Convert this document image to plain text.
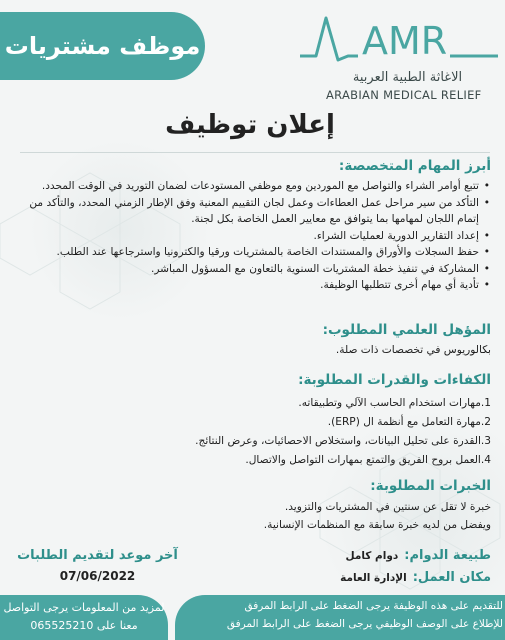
موظف مشتريات	AMR
الاغاثة الطبية العربية
ARABIAN MEDICAL RELIEF
إعلان توظيف
أبرز المهام المتخصصة:
• تتبع أوامر الشراء والتواصل مع الموردين ومع موظفي المستودعات لضمان التوريد في الوقت المحدد.
• التأكد من سير مراحل عمل العطاءات وعمل لجان التقييم المعنية وفق الإطار الزمني المحدد، والتأكد من إتمام اللجان لمهامها بما يتوافق مع معايير العمل الخاصة بكل لجنة.
• إعداد التقارير الدورية لعمليات الشراء.
• حفظ السجلات والأوراق والمستندات الخاصة بالمشتريات ورقيا والكترونيا واسترجاعها عند الطلب.
• المشاركة في تنفيذ خطة المشتريات السنوية بالتعاون مع المسؤول المباشر.
• تأدية أي مهام أخرى تتطلبها الوظيفة.
المؤهل العلمي المطلوب:
بكالوريوس في تخصصات ذات صلة.
الكفاءات والقدرات المطلوبة:
1.مهارات استخدام الحاسب الآلي وتطبيقاته.
2.مهارة التعامل مع أنظمة ال (ERP).
3.القدرة على تحليل البيانات، واستخلاص الاحصائيات، وعرض النتائج.
4.العمل بروح الفريق والتمتع بمهارات التواصل والاتصال.
الخبرات المطلوبة:
خبرة لا تقل عن سنتين في المشتريات والتزويد.
ويفضل من لديه خبرة سابقة مع المنظمات الإنسانية.
طبيعة الدوام:
دوام كامل
مكان العمل:
الإدارة العامة
آخر موعد لتقديم الطلبات
07/06/2022
لمزيد من المعلومات يرجى التواصل
معنا على 065525210
للتقديم على هذه الوظيفة يرجى الضغط على الرابط المرفق
للإطلاع على الوصف الوظيفي يرجى الضغط على الرابط المرفق
